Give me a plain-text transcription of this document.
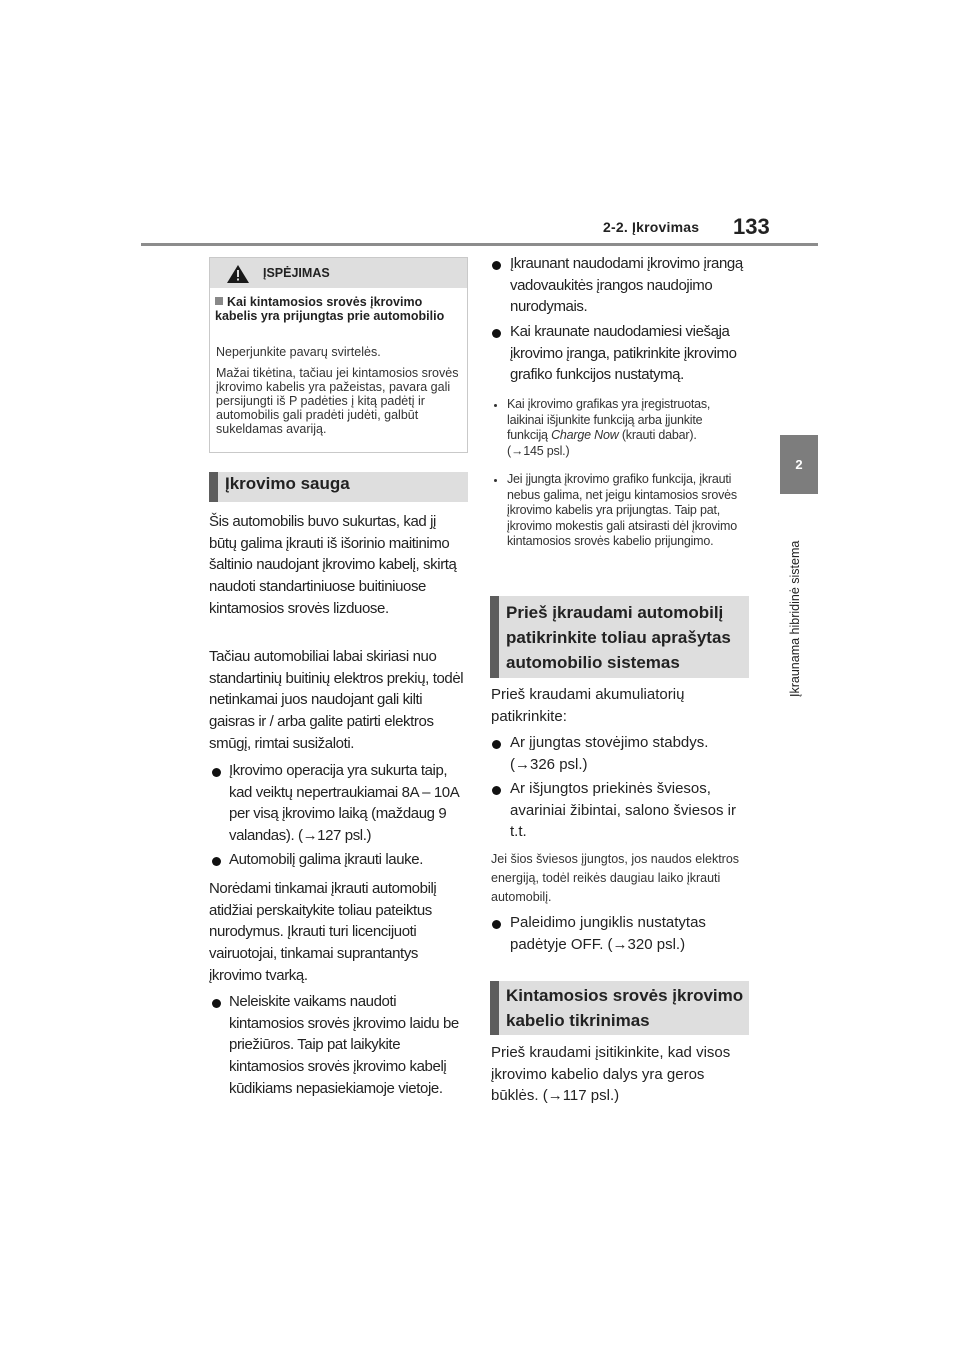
2-2. Įkrovimas 133
2
Įkraunama hibridinė sistema
ĮSPĖJIMAS
Kai kintamosios srovės įkrovimo kabelis yra prijungtas prie automobilio
Neperjunkite pavarų svirtelės.
Mažai tikėtina, tačiau jei kintamosios srovės įkrovimo kabelis yra pažeistas, pavara gali persijungti iš P padėties į kitą padėtį ir automobilis gali pradėti judėti, galbūt sukeldamas avariją.
Įkrovimo sauga
Šis automobilis buvo sukurtas, kad jį būtų galima įkrauti iš išorinio maitinimo šaltinio naudojant įkrovimo kabelį, skirtą naudoti standartiniuose buitiniuose kintamosios srovės lizduose.
Tačiau automobiliai labai skiriasi nuo standartinių buitinių elektros prekių, todėl netinkamai juos naudojant gali kilti gaisras ir / arba galite patirti elektros smūgį, rimtai susižaloti.
Įkrovimo operacija yra sukurta taip, kad veiktų nepertraukiamai 8A – 10A per visą įkrovimo laiką (maždaug 9 valandas). (→127 psl.)
Automobilį galima įkrauti lauke.
Norėdami tinkamai įkrauti automobilį atidžiai perskaitykite toliau pateiktus nurodymus. Įkrauti turi licencijuoti vairuotojai, tinkamai suprantantys įkrovimo tvarką.
Neleiskite vaikams naudoti kintamosios srovės įkrovimo laidu be priežiūros. Taip pat laikykite kintamosios srovės įkrovimo kabelį kūdikiams nepasiekiamoje vietoje.
Įkraunant naudodami įkrovimo įrangą vadovaukitės įrangos naudojimo nurodymais.
Kai kraunate naudodamiesi viešąja įkrovimo įranga, patikrinkite įkrovimo grafiko funkcijos nustatymą.
Kai įkrovimo grafikas yra įregistruotas, laikinai išjunkite funkciją arba įjunkite funkciją Charge Now (krauti dabar).
(→145 psl.)
Jei įjungta įkrovimo grafiko funkcija, įkrauti nebus galima, net jeigu kintamosios srovės įkrovimo kabelis yra prijungtas. Taip pat, įkrovimo mokestis gali atsirasti dėl įkrovimo kintamosios srovės kabelio prijungimo.
Prieš įkraudami automobilį patikrinkite toliau aprašytas automobilio sistemas
Prieš kraudami akumuliatorių patikrinkite:
Ar įjungtas stovėjimo stabdys. (→326 psl.)
Ar išjungtos priekinės šviesos, avariniai žibintai, salono šviesos ir t.t.
Jei šios šviesos įjungtos, jos naudos elektros energiją, todėl reikės daugiau laiko įkrauti automobilį.
Paleidimo jungiklis nustatytas padėtyje OFF. (→320 psl.)
Kintamosios srovės įkrovimo kabelio tikrinimas
Prieš kraudami įsitikinkite, kad visos įkrovimo kabelio dalys yra geros būklės. (→117 psl.)
